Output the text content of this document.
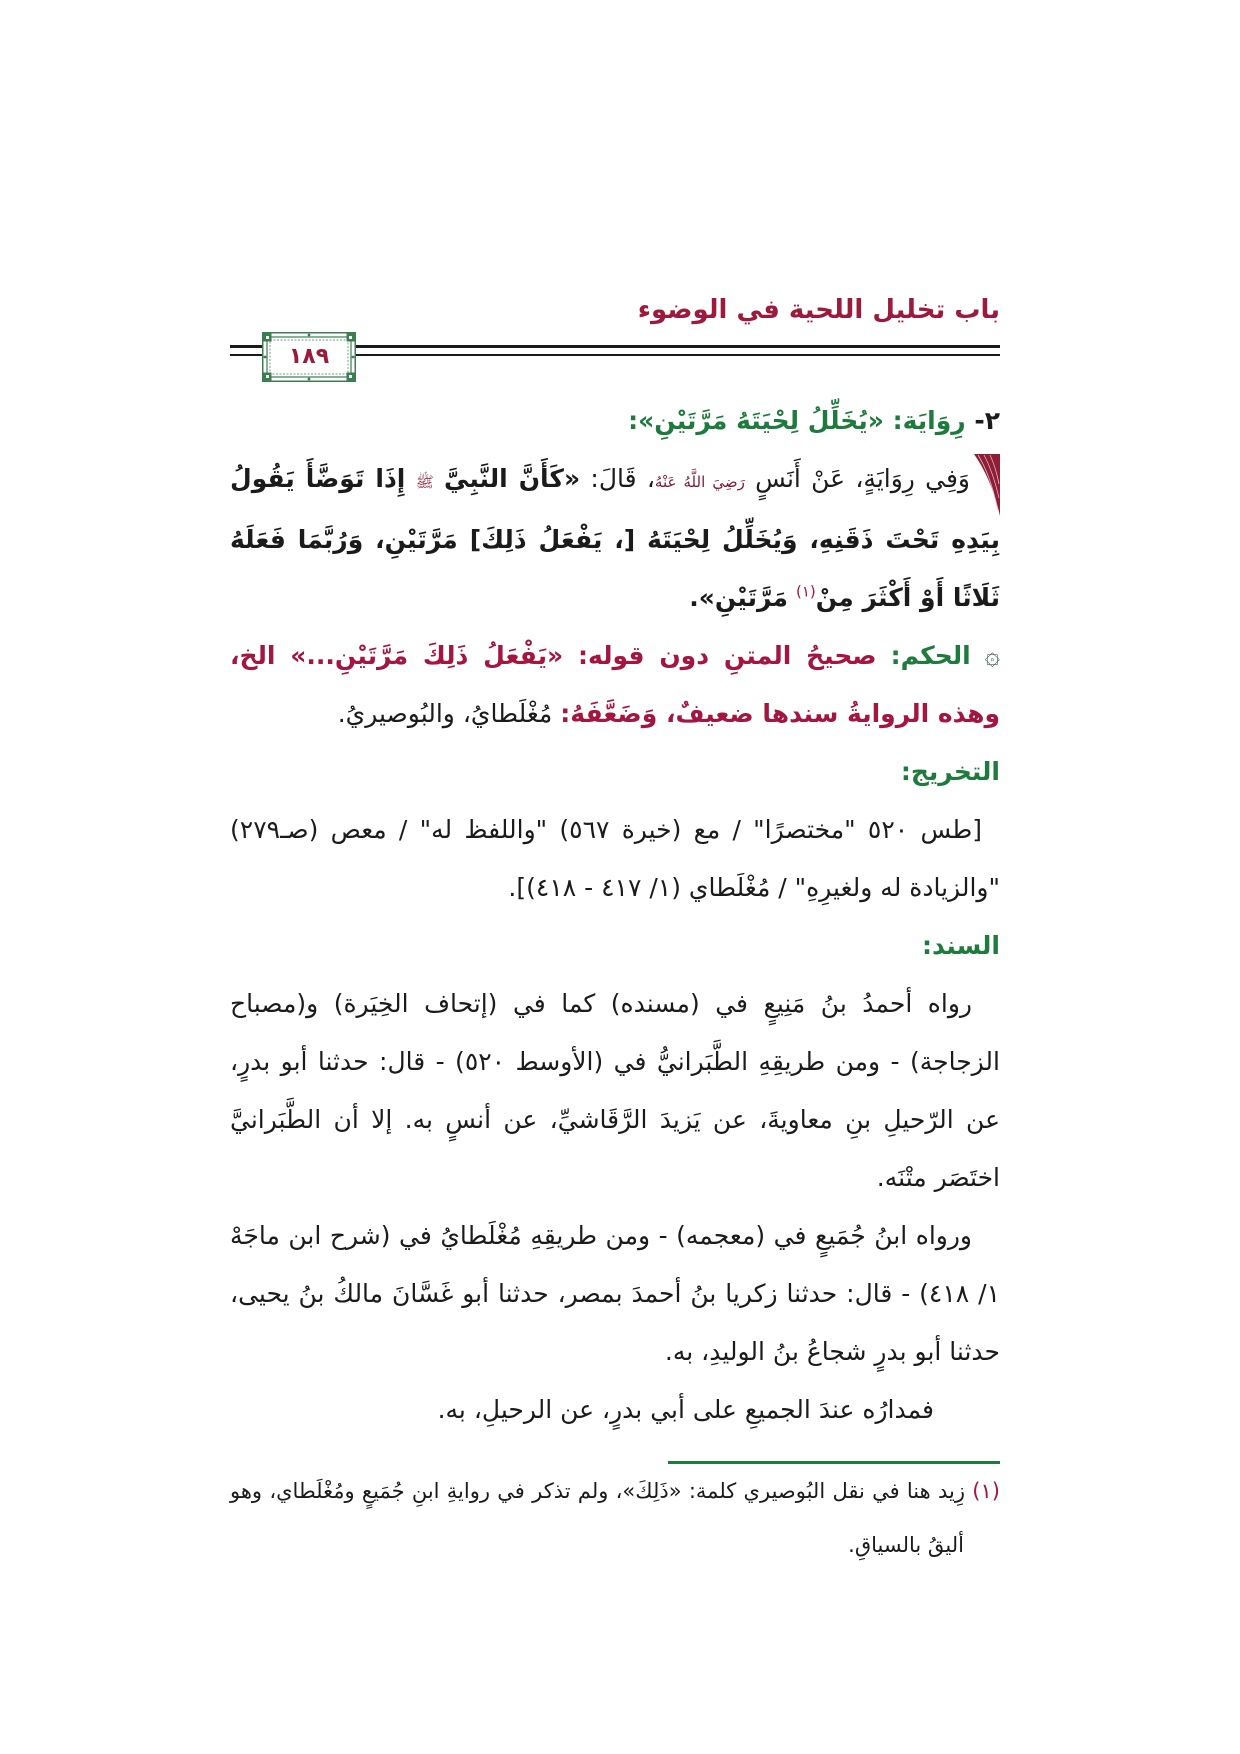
باب تخليل اللحية في الوضوء
١٨٩
٢- رِوَايَة: «يُخَلِّلُ لِحْيَتَهُ مَرَّتَيْنِ»:

وَفِي رِوَايَةٍ، عَنْ أَنَسٍ رَضِيَ اللَّهُ عَنْهُ، قَالَ: «كَأَنَّ النَّبِيَّ ﷺ إِذَا تَوَضَّأَ يَقُولُ بِيَدِهِ تَحْتَ ذَقَنِهِ، وَيُخَلِّلُ لِحْيَتَهُ [، يَفْعَلُ ذَلِكَ] مَرَّتَيْنِ، وَرُبَّمَا فَعَلَهُ ثَلَاثًا أَوْ أَكْثَرَ مِنْ$^{(١)}$ مَرَّتَيْنِ».

۞ الحكم: صحيحُ المتنِ دون قوله: «يَفْعَلُ ذَلِكَ مَرَّتَيْنِ...» الخ، وهذه الروايةُ سندها ضعيفٌ، وَضَعَّفَهُ: مُغْلَطايُ، والبُوصيريُ.

التخريج:

[طس ٥٢٠ "مختصرًا" / مع (خيرة ٥٦٧) "واللفظ له" / معص (صـ٢٧٩) "والزيادة له ولغيرِهِ" / مُغْلَطاي (١/ ٤١٧ - ٤١٨)].

السند:

رواه أحمدُ بنُ مَنِيعٍ في (مسنده) كما في (إتحاف الخِيَرة) و(مصباح الزجاجة) - ومن طريقِهِ الطَّبَرانيُّ في (الأوسط ٥٢٠) - قال: حدثنا أبو بدرٍ، عن الرّحيلِ بنِ معاويةَ، عن يَزيدَ الرَّقَاشيِّ، عن أنسٍ به. إلا أن الطَّبَرانيَّ اختَصَر متْنَه.

ورواه ابنُ جُمَيعٍ في (معجمه) - ومن طريقِهِ مُغْلَطايُ في (شرح ابن ماجَهْ ١/ ٤١٨) - قال: حدثنا زكريا بنُ أحمدَ بمصر، حدثنا أبو غَسَّانَ مالكُ بنُ يحيى، حدثنا أبو بدرٍ شجاعُ بنُ الوليدِ، به.

فمدارُه عندَ الجميعِ على أبي بدرٍ، عن الرحيلِ، به.

(١) زِيد هنا في نقل البُوصيري كلمة: «ذَلِكَ»، ولم تذكر في روايةِ ابنِ جُمَيعٍ ومُغْلَطاي، وهو أليقُ بالسياقِ.
